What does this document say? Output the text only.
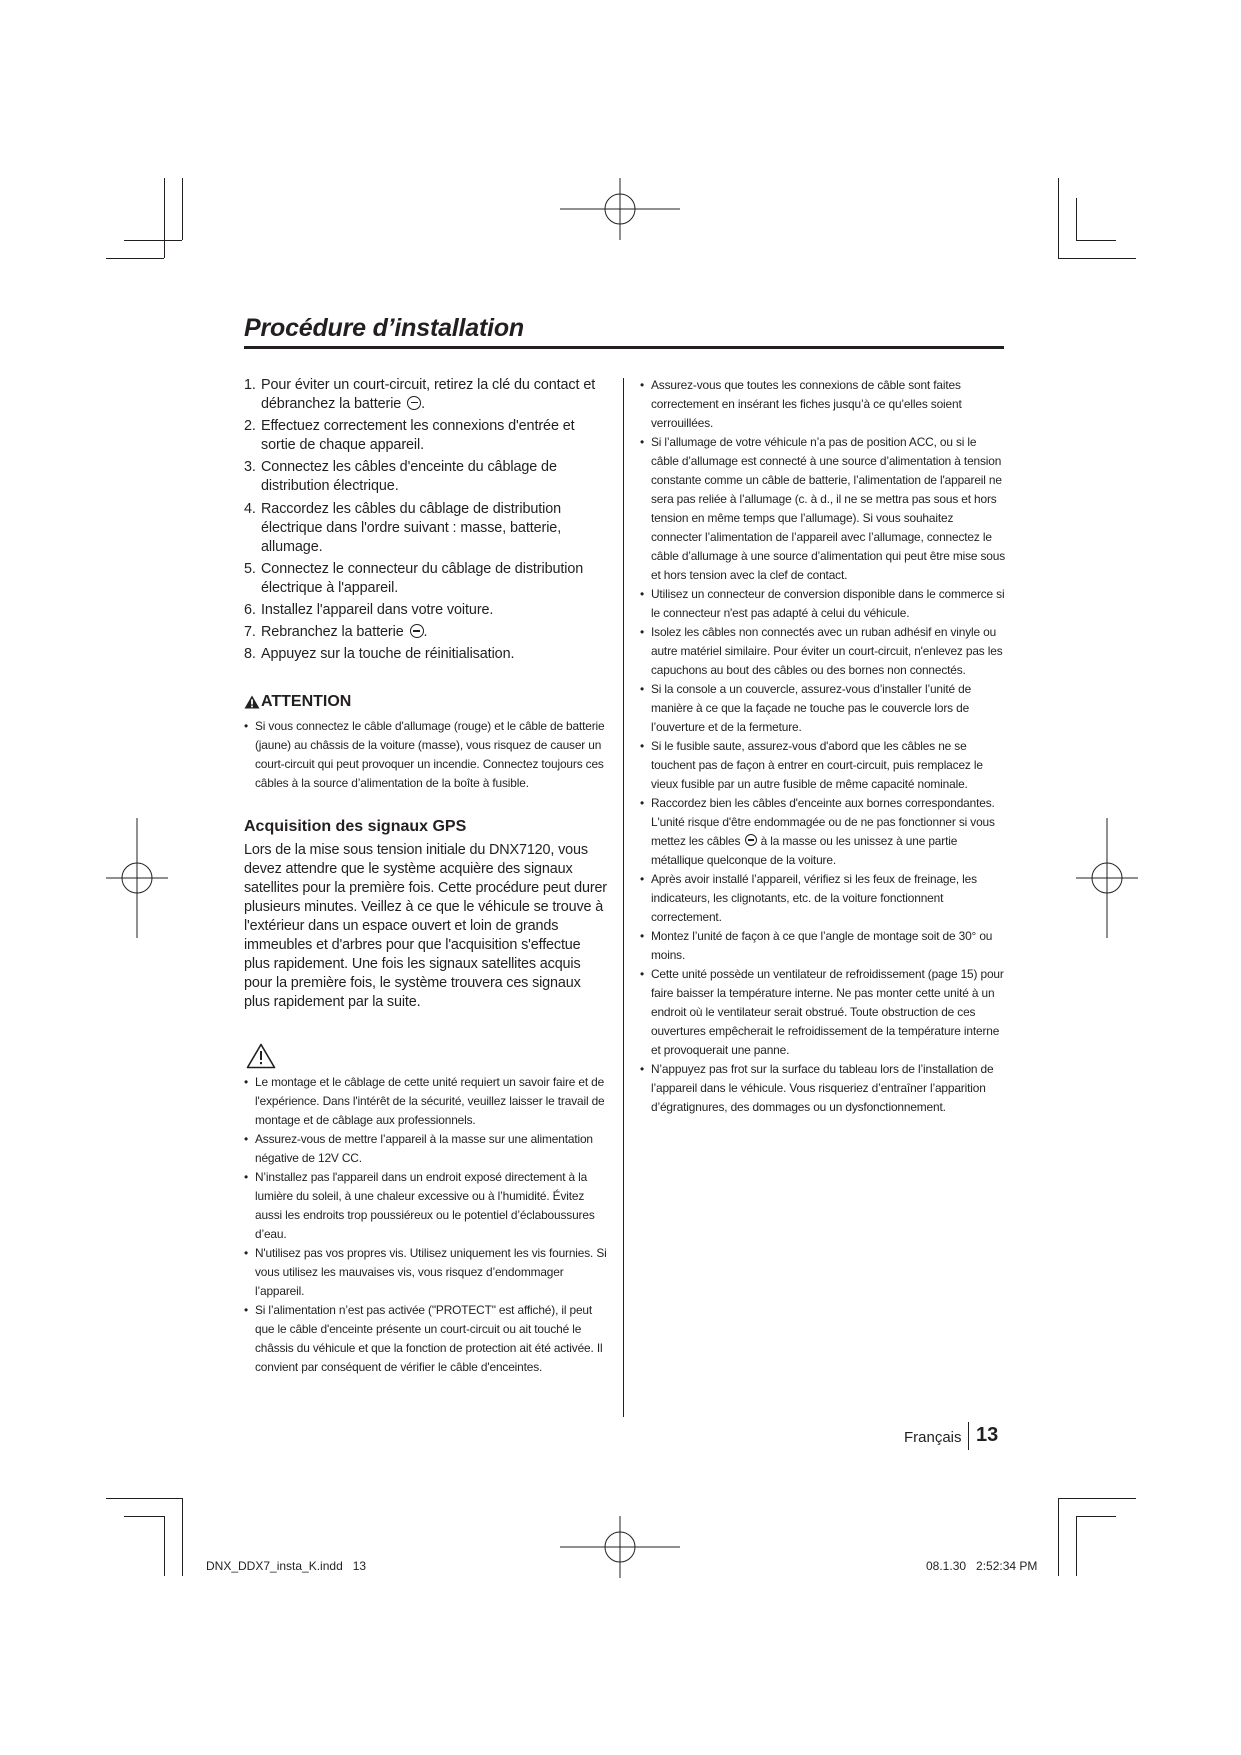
Procédure d’installation
1. Pour éviter un court-circuit, retirez la clé du contact et débranchez la batterie .
2. Effectuez correctement les connexions d'entrée et sortie de chaque appareil.
3. Connectez les câbles d'enceinte du câblage de distribution électrique.
4. Raccordez les câbles du câblage de distribution électrique dans l'ordre suivant : masse, batterie, allumage.
5. Connectez le connecteur du câblage de distribution électrique à l'appareil.
6. Installez l'appareil dans votre voiture.
7. Rebranchez la batterie .
8. Appuyez sur la touche de réinitialisation.
ATTENTION
• Si vous connectez le câble d'allumage (rouge) et le câble de batterie (jaune) au châssis de la voiture (masse), vous risquez de causer un court-circuit qui peut provoquer un incendie. Connectez toujours ces câbles à la source d’alimentation de la boîte à fusible.
Acquisition des signaux GPS

Lors de la mise sous tension initiale du DNX7120, vous devez attendre que le système acquière des signaux satellites pour la première fois. Cette procédure peut durer plusieurs minutes. Veillez à ce que le véhicule se trouve à l'extérieur dans un espace ouvert et loin de grands immeubles et d'arbres pour que l'acquisition s'effectue plus rapidement. Une fois les signaux satellites acquis pour la première fois, le système trouvera ces signaux plus rapidement par la suite.

• Le montage et le câblage de cette unité requiert un savoir faire et de l'expérience. Dans l'intérêt de la sécurité, veuillez laisser le travail de montage et de câblage aux professionnels.
• Assurez-vous de mettre l’appareil à la masse sur une alimentation négative de 12V CC.
• N’installez pas l'appareil dans un endroit exposé directement à la lumière du soleil, à une chaleur excessive ou à l’humidité. Évitez aussi les endroits trop poussiéreux ou le potentiel d’éclaboussures d’eau.
• N'utilisez pas vos propres vis. Utilisez uniquement les vis fournies. Si vous utilisez les mauvaises vis, vous risquez d’endommager l’appareil.
• Si l’alimentation n’est pas activée ("PROTECT" est affiché), il peut que le câble d'enceinte présente un court-circuit ou ait touché le châssis du véhicule et que la fonction de protection ait été activée. Il convient par conséquent de vérifier le câble d'enceintes.
• Assurez-vous que toutes les connexions de câble sont faites correctement en insérant les fiches jusqu’à ce qu’elles soient verrouillées.
• Si l’allumage de votre véhicule n’a pas de position ACC, ou si le câble d’allumage est connecté à une source d’alimentation à tension constante comme un câble de batterie, l’alimentation de l'appareil ne sera pas reliée à l’allumage (c. à d., il ne se mettra pas sous et hors tension en même temps que l’allumage). Si vous souhaitez connecter l’alimentation de l’appareil avec l’allumage, connectez le câble d’allumage à une source d’alimentation qui peut être mise sous et hors tension avec la clef de contact.
• Utilisez un connecteur de conversion disponible dans le commerce si le connecteur n'est pas adapté à celui du véhicule.
• Isolez les câbles non connectés avec un ruban adhésif en vinyle ou autre matériel similaire. Pour éviter un court-circuit, n'enlevez pas les capuchons au bout des câbles ou des bornes non connectés.
• Si la console a un couvercle, assurez-vous d’installer l’unité de manière à ce que la façade ne touche pas le couvercle lors de l’ouverture et de la fermeture.
• Si le fusible saute, assurez-vous d'abord que les câbles ne se touchent pas de façon à entrer en court-circuit, puis remplacez le vieux fusible par un autre fusible de même capacité nominale.
• Raccordez bien les câbles d'enceinte aux bornes correspondantes. L'unité risque d'être endommagée ou de ne pas fonctionner si vous mettez les câbles  à la masse ou les unissez à une partie métallique quelconque de la voiture.
• Après avoir installé l’appareil, vérifiez si les feux de freinage, les indicateurs, les clignotants, etc. de la voiture fonctionnent correctement.
• Montez l’unité de façon à ce que l’angle de montage soit de 30° ou moins.
• Cette unité possède un ventilateur de refroidissement (page 15) pour faire baisser la température interne. Ne pas monter cette unité à un endroit où le ventilateur serait obstrué. Toute obstruction de ces ouvertures empêcherait le refroidissement de la température interne et provoquerait une panne.
• N’appuyez pas frot sur la surface du tableau lors de l’installation de l’appareil dans le véhicule. Vous risqueriez d’entraîner l’apparition d’égratignures, des dommages ou un dysfonctionnement.
Français 13
DNX_DDX7_insta_K.indd   13	08.1.30   2:52:34 PM
